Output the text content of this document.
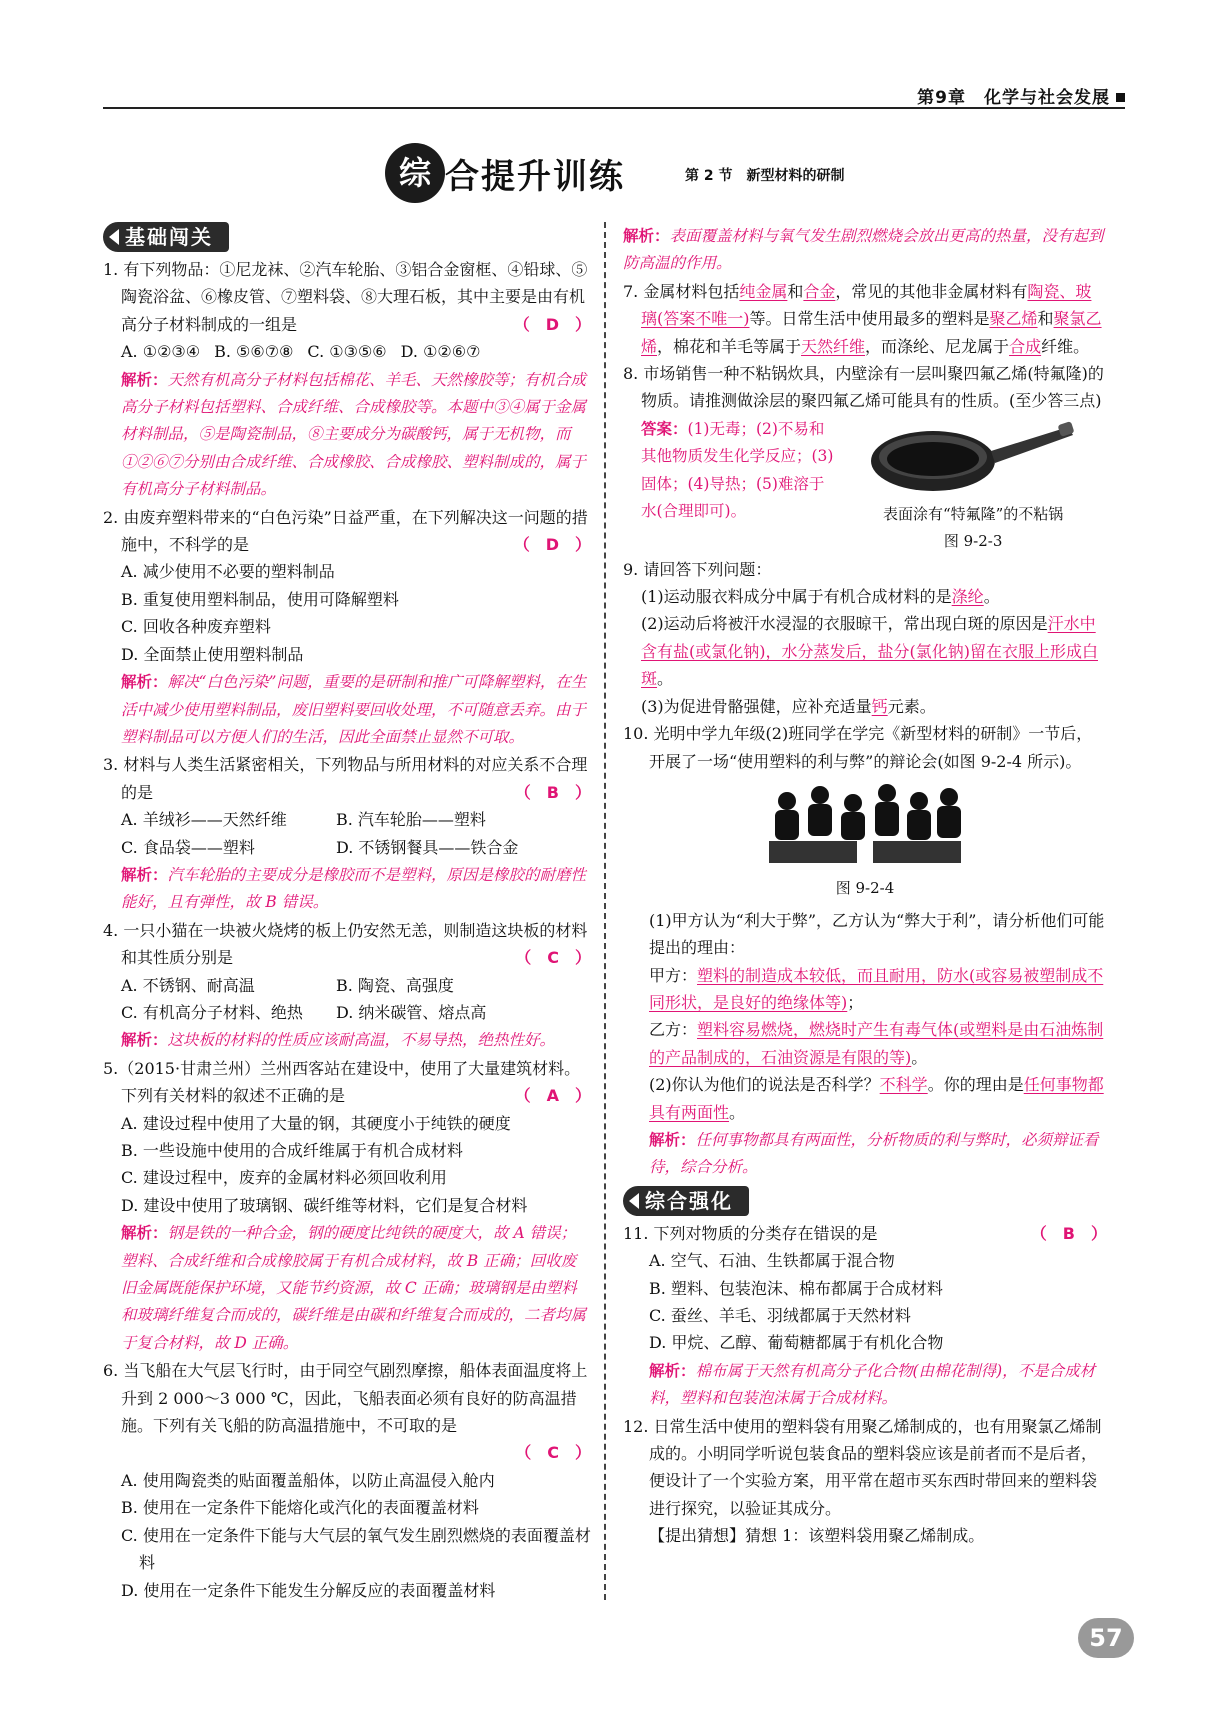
第9章　化学与社会发展
综 合提升训练	第 2 节　新型材料的研制
基础闯关

1. 有下列物品：①尼龙袜、②汽车轮胎、③铝合金窗框、④铅球、⑤陶瓷浴盆、⑥橡皮管、⑦塑料袋、⑧大理石板，其中主要是由有机高分子材料制成的一组是	（　D　）

A. ①②③④ B. ⑤⑥⑦⑧ C. ①③⑤⑥ D. ①②⑥⑦
解析：天然有机高分子材料包括棉花、羊毛、天然橡胶等；有机合成高分子材料包括塑料、合成纤维、合成橡胶等。本题中③④属于金属材料制品，⑤是陶瓷制品，⑧主要成分为碳酸钙，属于无机物，而①②⑥⑦分别由合成纤维、合成橡胶、合成橡胶、塑料制成的，属于有机高分子材料制品。

2. 由废弃塑料带来的“白色污染”日益严重，在下列解决这一问题的措施中，不科学的是	（　D　）

A. 减少使用不必要的塑料制品
B. 重复使用塑料制品，使用可降解塑料
C. 回收各种废弃塑料
D. 全面禁止使用塑料制品
解析：解决“白色污染”问题，重要的是研制和推广可降解塑料，在生活中减少使用塑料制品，废旧塑料要回收处理，不可随意丢弃。由于塑料制品可以方便人们的生活，因此全面禁止显然不可取。

3. 材料与人类生活紧密相关，下列物品与所用材料的对应关系不合理的是	（　B　）

A. 羊绒衫——天然纤维	B. 汽车轮胎——塑料
C. 食品袋——塑料	D. 不锈钢餐具——铁合金
解析：汽车轮胎的主要成分是橡胶而不是塑料，原因是橡胶的耐磨性能好，且有弹性，故 B 错误。

4. 一只小猫在一块被火烧烤的板上仍安然无恙，则制造这块板的材料和其性质分别是	（　C　）

A. 不锈钢、耐高温	B. 陶瓷、高强度
C. 有机高分子材料、绝热 D. 纳米碳管、熔点高
解析：这块板的材料的性质应该耐高温，不易导热，绝热性好。

5.（2015·甘肃兰州）兰州西客站在建设中，使用了大量建筑材料。下列有关材料的叙述不正确的是	（　A　）

A. 建设过程中使用了大量的钢，其硬度小于纯铁的硬度
B. 一些设施中使用的合成纤维属于有机合成材料
C. 建设过程中，废弃的金属材料必须回收利用
D. 建设中使用了玻璃钢、碳纤维等材料，它们是复合材料
解析：钢是铁的一种合金，钢的硬度比纯铁的硬度大，故 A 错误；塑料、合成纤维和合成橡胶属于有机合成材料，故 B 正确；回收废旧金属既能保护环境，又能节约资源，故 C 正确；玻璃钢是由塑料和玻璃纤维复合而成的，碳纤维是由碳和纤维复合而成的，二者均属于复合材料，故 D 正确。

6. 当飞船在大气层飞行时，由于同空气剧烈摩擦，船体表面温度将上升到 2 000～3 000 ℃，因此，飞船表面必须有良好的防高温措施。下列有关飞船的防高温措施中，不可取的是

（　C　）
A. 使用陶瓷类的贴面覆盖船体，以防止高温侵入舱内
B. 使用在一定条件下能熔化或汽化的表面覆盖材料
C. 使用在一定条件下能与大气层的氧气发生剧烈燃烧的表面覆盖材料
D. 使用在一定条件下能发生分解反应的表面覆盖材料
解析：表面覆盖材料与氧气发生剧烈燃烧会放出更高的热量，没有起到防高温的作用。

7. 金属材料包括纯金属和合金，常见的其他非金属材料有陶瓷、玻璃(答案不唯一)等。日常生活中使用最多的塑料是聚乙烯和聚氯乙烯，棉花和羊毛等属于天然纤维，而涤纶、尼龙属于合成纤维。

8. 市场销售一种不粘锅炊具，内壁涂有一层叫聚四氟乙烯(特氟隆)的物质。请推测做涂层的聚四氟乙烯可能具有的性质。(至少答三点)

答案：(1)无毒；(2)不易和其他物质发生化学反应；(3)固体；(4)导热；(5)难溶于水(合理即可)。	表面涂有“特氟隆”的不粘锅
图 9-2-3

9. 请回答下列问题：

(1)运动服衣料成分中属于有机合成材料的是涤纶。
(2)运动后将被汗水浸湿的衣服晾干，常出现白斑的原因是汗水中含有盐(或氯化钠)，水分蒸发后，盐分(氯化钠)留在衣服上形成白斑。
(3)为促进骨骼强健，应补充适量钙元素。

10. 光明中学九年级(2)班同学在学完《新型材料的研制》一节后，开展了一场“使用塑料的利与弊”的辩论会(如图 9-2-4 所示)。

图 9-2-4
(1)甲方认为“利大于弊”，乙方认为“弊大于利”，请分析他们可能提出的理由：
甲方：塑料的制造成本较低，而且耐用，防水(或容易被塑制成不同形状，是良好的绝缘体等)；
乙方：塑料容易燃烧，燃烧时产生有毒气体(或塑料是由石油炼制的产品制成的，石油资源是有限的等)。
(2)你认为他们的说法是否科学？不科学。你的理由是任何事物都具有两面性。
解析：任何事物都具有两面性，分析物质的利与弊时，必须辩证看待，综合分析。
综合强化

11. 下列对物质的分类存在错误的是	（　B　）

A. 空气、石油、生铁都属于混合物
B. 塑料、包装泡沫、棉布都属于合成材料
C. 蚕丝、羊毛、羽绒都属于天然材料
D. 甲烷、乙醇、葡萄糖都属于有机化合物
解析：棉布属于天然有机高分子化合物(由棉花制得)，不是合成材料，塑料和包装泡沫属于合成材料。

12. 日常生活中使用的塑料袋有用聚乙烯制成的，也有用聚氯乙烯制成的。小明同学听说包装食品的塑料袋应该是前者而不是后者，便设计了一个实验方案，用平常在超市买东西时带回来的塑料袋进行探究，以验证其成分。

【提出猜想】猜想 1：该塑料袋用聚乙烯制成。
57
